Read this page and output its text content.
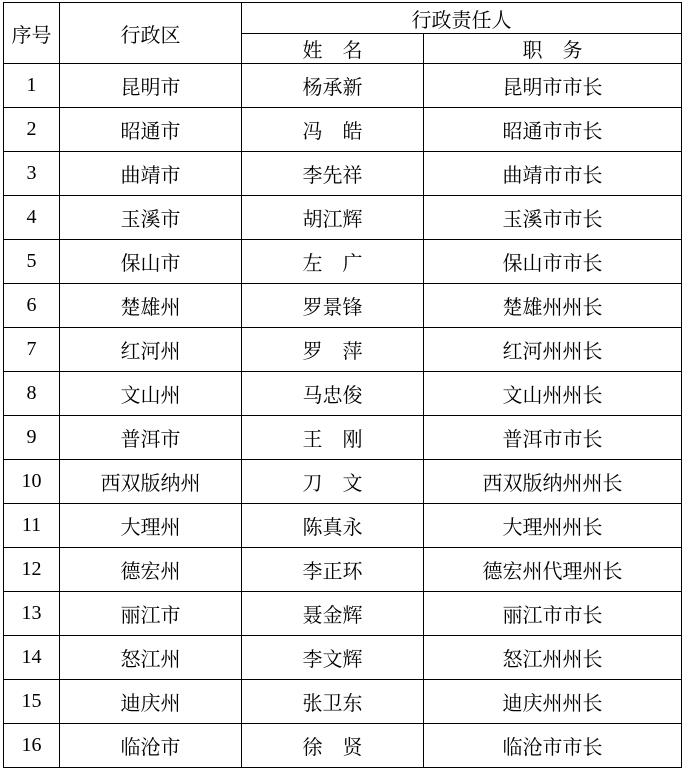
序号	行政区	行政责任人	
		姓　名	职　务
1	昆明市	杨承新	昆明市市长
2	昭通市	冯　皓	昭通市市长
3	曲靖市	李先祥	曲靖市市长
4	玉溪市	胡江辉	玉溪市市长
5	保山市	左　广	保山市市长
6	楚雄州	罗景锋	楚雄州州长
7	红河州	罗　萍	红河州州长
8	文山州	马忠俊	文山州州长
9	普洱市	王　刚	普洱市市长
10	西双版纳州	刀　文	西双版纳州州长
11	大理州	陈真永	大理州州长
12	德宏州	李正环	德宏州代理州长
13	丽江市	聂金辉	丽江市市长
14	怒江州	李文辉	怒江州州长
15	迪庆州	张卫东	迪庆州州长
16	临沧市	徐　贤	临沧市市长
